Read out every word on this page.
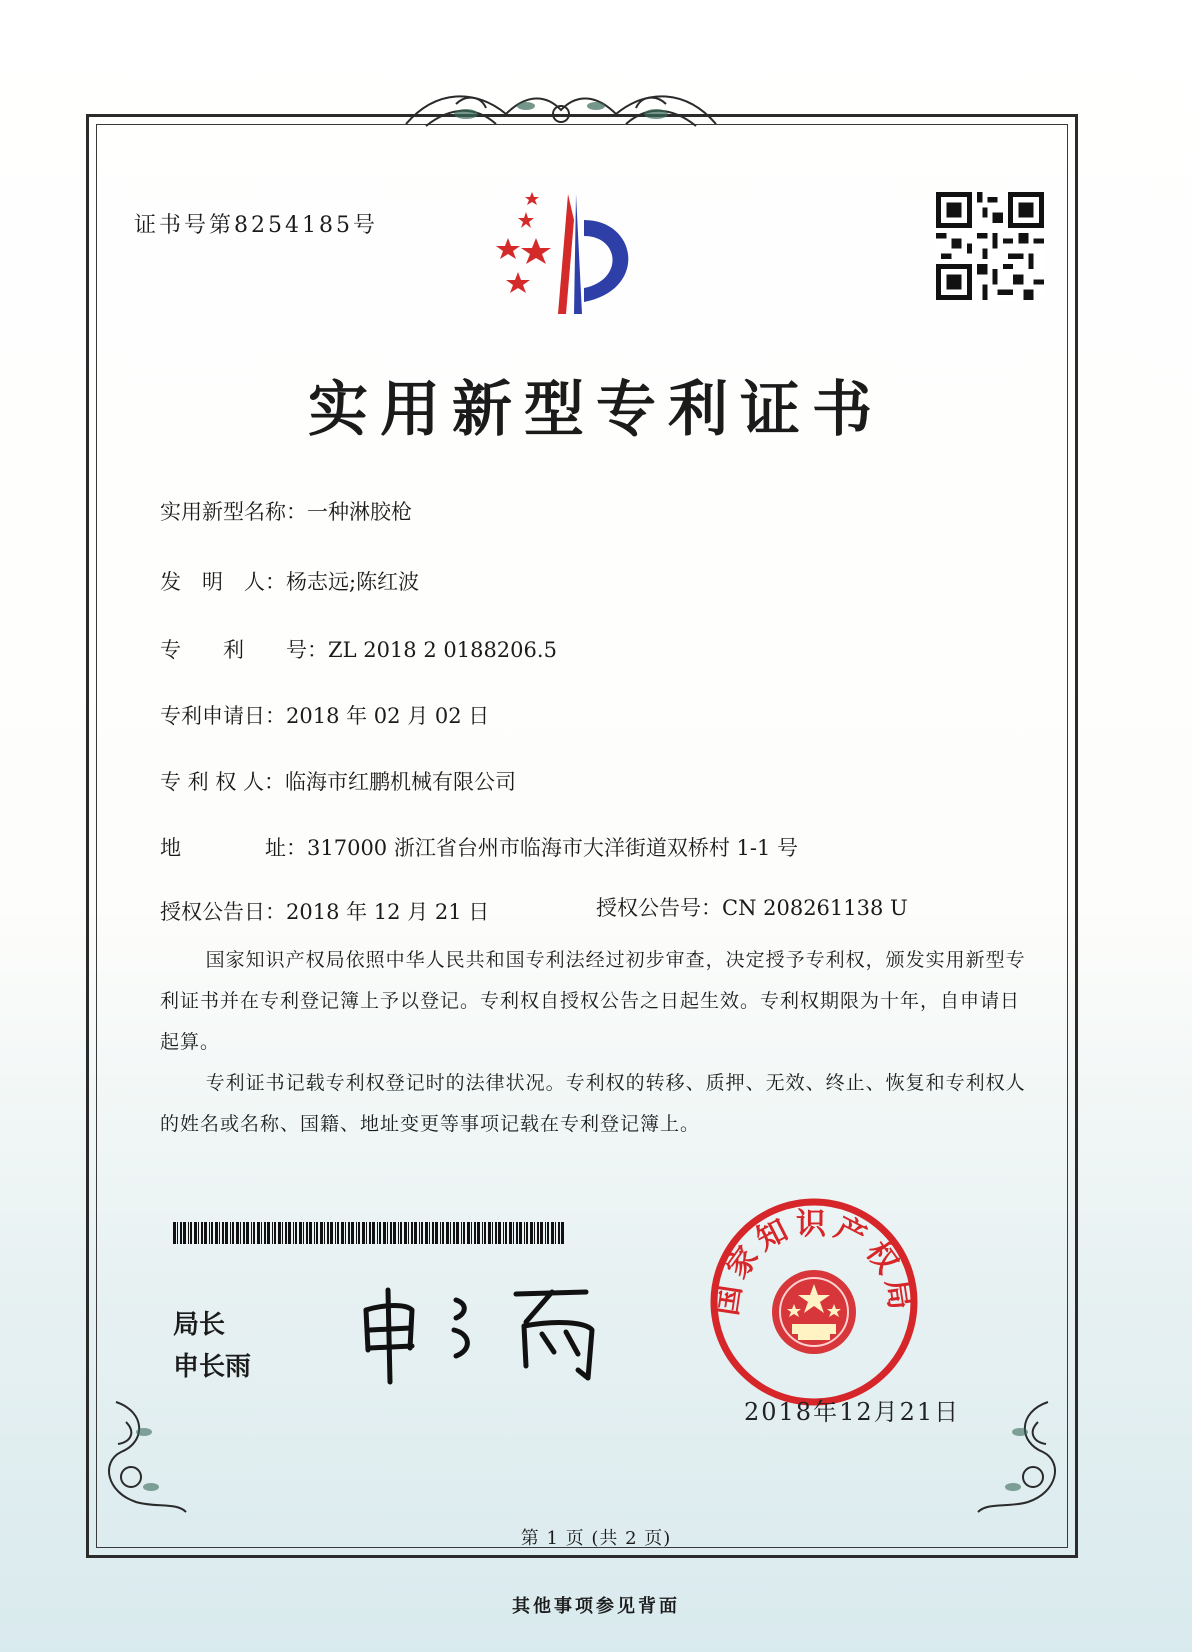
证书号第8254185号
实用新型专利证书
实用新型名称：一种淋胶枪
发　明　人：杨志远;陈红波
专　　利　　号：ZL 2018 2 0188206.5
专利申请日：2018 年 02 月 02 日
专 利 权 人：临海市红鹏机械有限公司
地　　　　址：317000 浙江省台州市临海市大洋街道双桥村 1-1 号
授权公告日：2018 年 12 月 21 日	授权公告号：CN 208261138 U

国家知识产权局依照中华人民共和国专利法经过初步审查，决定授予专利权，颁发实用新型专利证书并在专利登记簿上予以登记。专利权自授权公告之日起生效。专利权期限为十年，自申请日起算。

专利证书记载专利权登记时的法律状况。专利权的转移、质押、无效、终止、恢复和专利权人的姓名或名称、国籍、地址变更等事项记载在专利登记簿上。

局长
申长雨
国家知识产权局
2018年12月21日
第 1 页 (共 2 页)
其他事项参见背面
